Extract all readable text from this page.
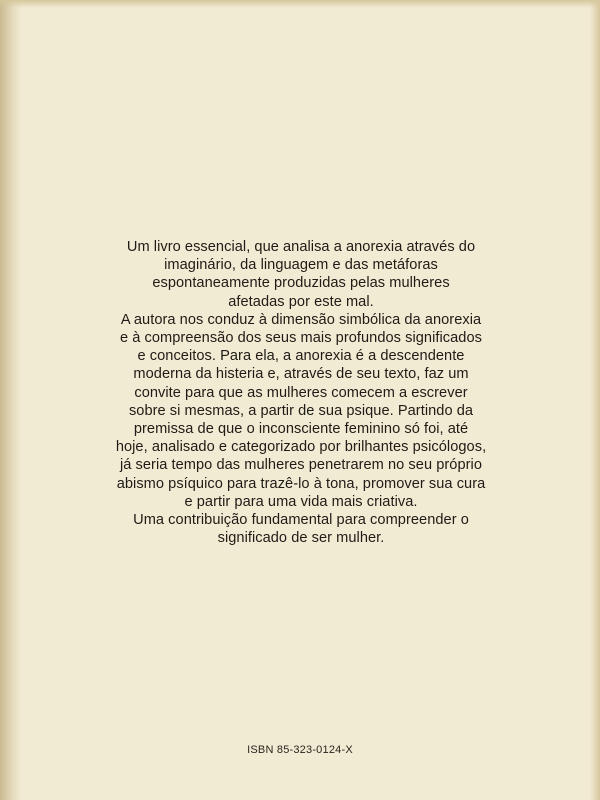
Um livro essencial, que analisa a anorexia através do
imaginário, da linguagem e das metáforas
espontaneamente produzidas pelas mulheres
afetadas por este mal.
A autora nos conduz à dimensão simbólica da anorexia
e à compreensão dos seus mais profundos significados
e conceitos. Para ela, a anorexia é a descendente
moderna da histeria e, através de seu texto, faz um
convite para que as mulheres comecem a escrever
sobre si mesmas, a partir de sua psique. Partindo da
premissa de que o inconsciente feminino só foi, até
hoje, analisado e categorizado por brilhantes psicólogos,
já seria tempo das mulheres penetrarem no seu próprio
abismo psíquico para trazê-lo à tona, promover sua cura
e partir para uma vida mais criativa.
Uma contribuição fundamental para compreender o
significado de ser mulher.

ISBN 85-323-0124-X
